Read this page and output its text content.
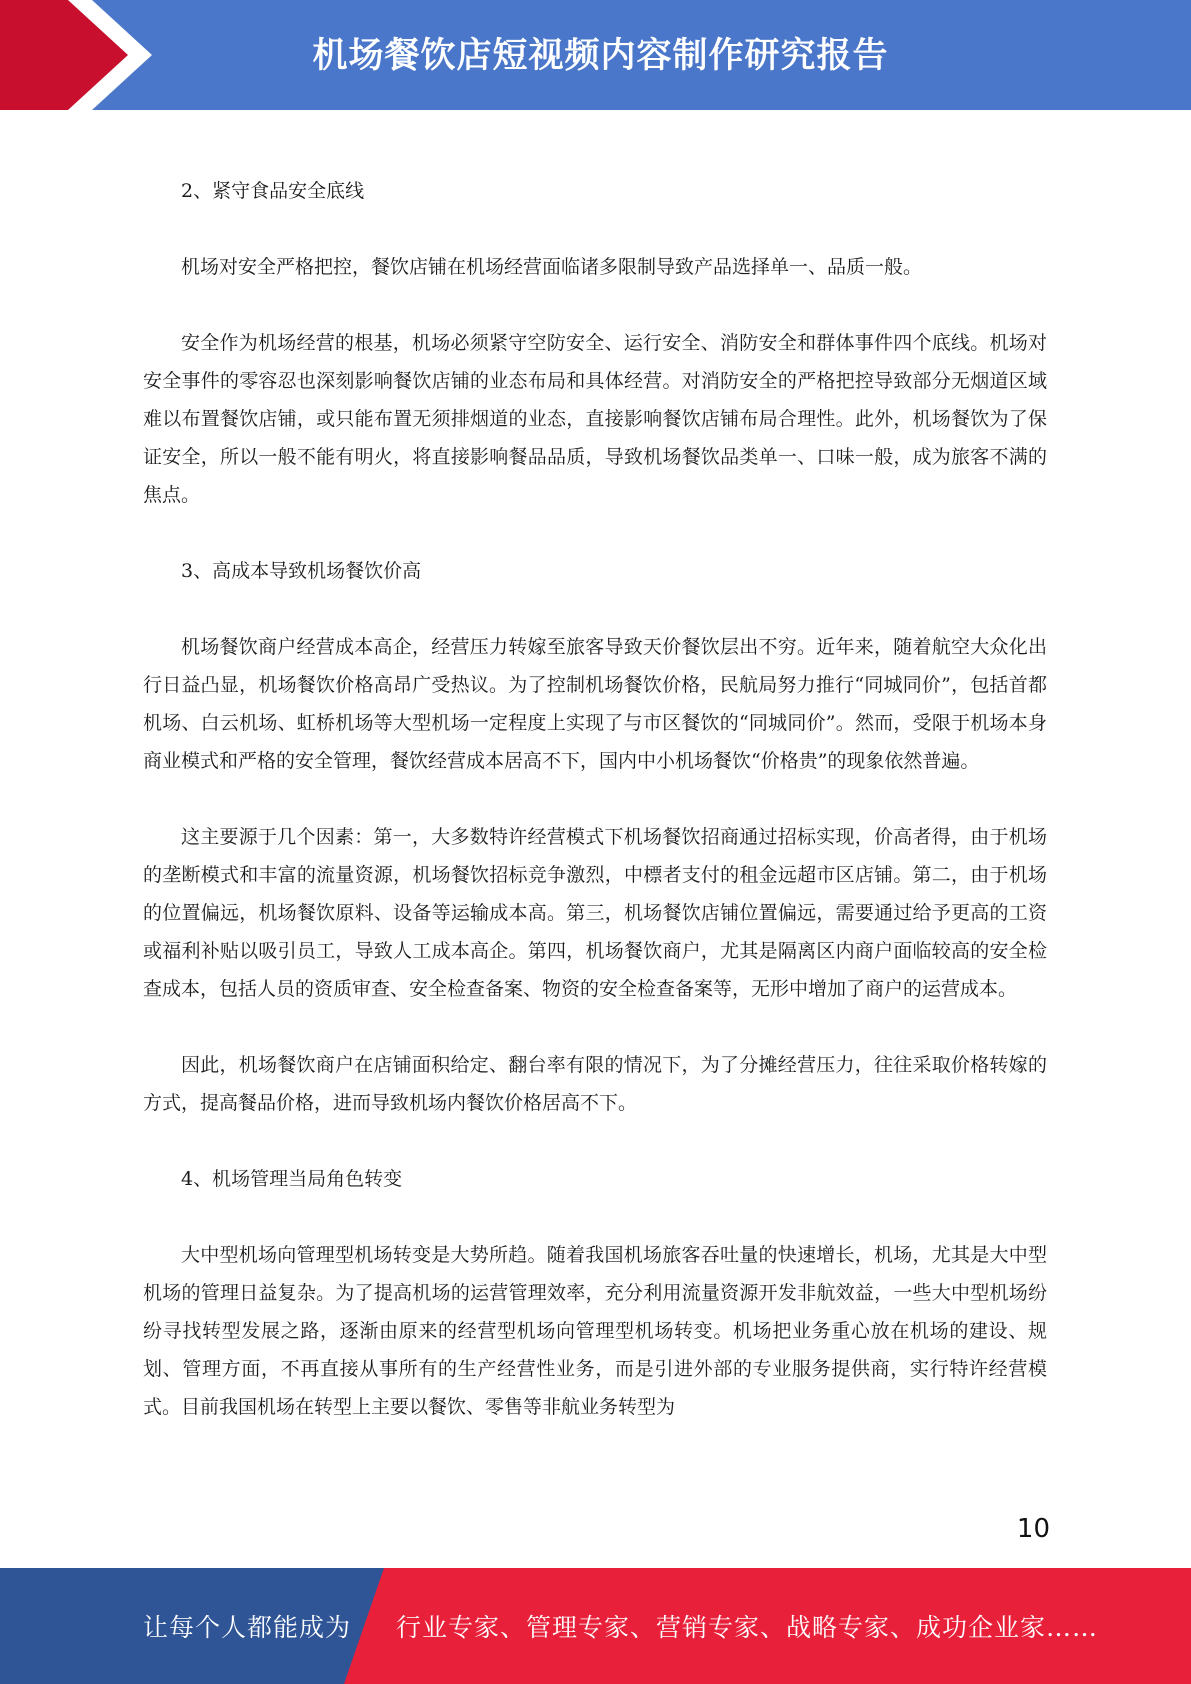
机场餐饮店短视频内容制作研究报告

2、紧守食品安全底线

机场对安全严格把控，餐饮店铺在机场经营面临诸多限制导致产品选择单一、品质一般。

安全作为机场经营的根基，机场必须紧守空防安全、运行安全、消防安全和群体事件四个底线。机场对安全事件的零容忍也深刻影响餐饮店铺的业态布局和具体经营。对消防安全的严格把控导致部分无烟道区域难以布置餐饮店铺，或只能布置无须排烟道的业态，直接影响餐饮店铺布局合理性。此外，机场餐饮为了保证安全，所以一般不能有明火，将直接影响餐品品质，导致机场餐饮品类单一、口味一般，成为旅客不满的焦点。

3、高成本导致机场餐饮价高

机场餐饮商户经营成本高企，经营压力转嫁至旅客导致天价餐饮层出不穷。近年来，随着航空大众化出行日益凸显，机场餐饮价格高昂广受热议。为了控制机场餐饮价格，民航局努力推行“同城同价”，包括首都机场、白云机场、虹桥机场等大型机场一定程度上实现了与市区餐饮的“同城同价”。然而，受限于机场本身商业模式和严格的安全管理，餐饮经营成本居高不下，国内中小机场餐饮“价格贵”的现象依然普遍。

这主要源于几个因素：第一，大多数特许经营模式下机场餐饮招商通过招标实现，价高者得，由于机场的垄断模式和丰富的流量资源，机场餐饮招标竞争激烈，中標者支付的租金远超市区店铺。第二，由于机场的位置偏远，机场餐饮原料、设备等运输成本高。第三，机场餐饮店铺位置偏远，需要通过给予更高的工资或福利补贴以吸引员工，导致人工成本高企。第四，机场餐饮商户，尤其是隔离区内商户面临较高的安全检查成本，包括人员的资质审查、安全检查备案、物资的安全检查备案等，无形中增加了商户的运营成本。

因此，机场餐饮商户在店铺面积给定、翻台率有限的情况下，为了分摊经营压力，往往采取价格转嫁的方式，提高餐品价格，进而导致机场内餐饮价格居高不下。

4、机场管理当局角色转变

大中型机场向管理型机场转变是大势所趋。随着我国机场旅客吞吐量的快速增长，机场，尤其是大中型机场的管理日益复杂。为了提高机场的运营管理效率，充分利用流量资源开发非航效益，一些大中型机场纷纷寻找转型发展之路，逐渐由原来的经营型机场向管理型机场转变。机场把业务重心放在机场的建设、规划、管理方面，不再直接从事所有的生产经营性业务，而是引进外部的专业服务提供商，实行特许经营模式。目前我国机场在转型上主要以餐饮、零售等非航业务转型为

10
让每个人都能成为 行业专家、管理专家、营销专家、战略专家、成功企业家……
